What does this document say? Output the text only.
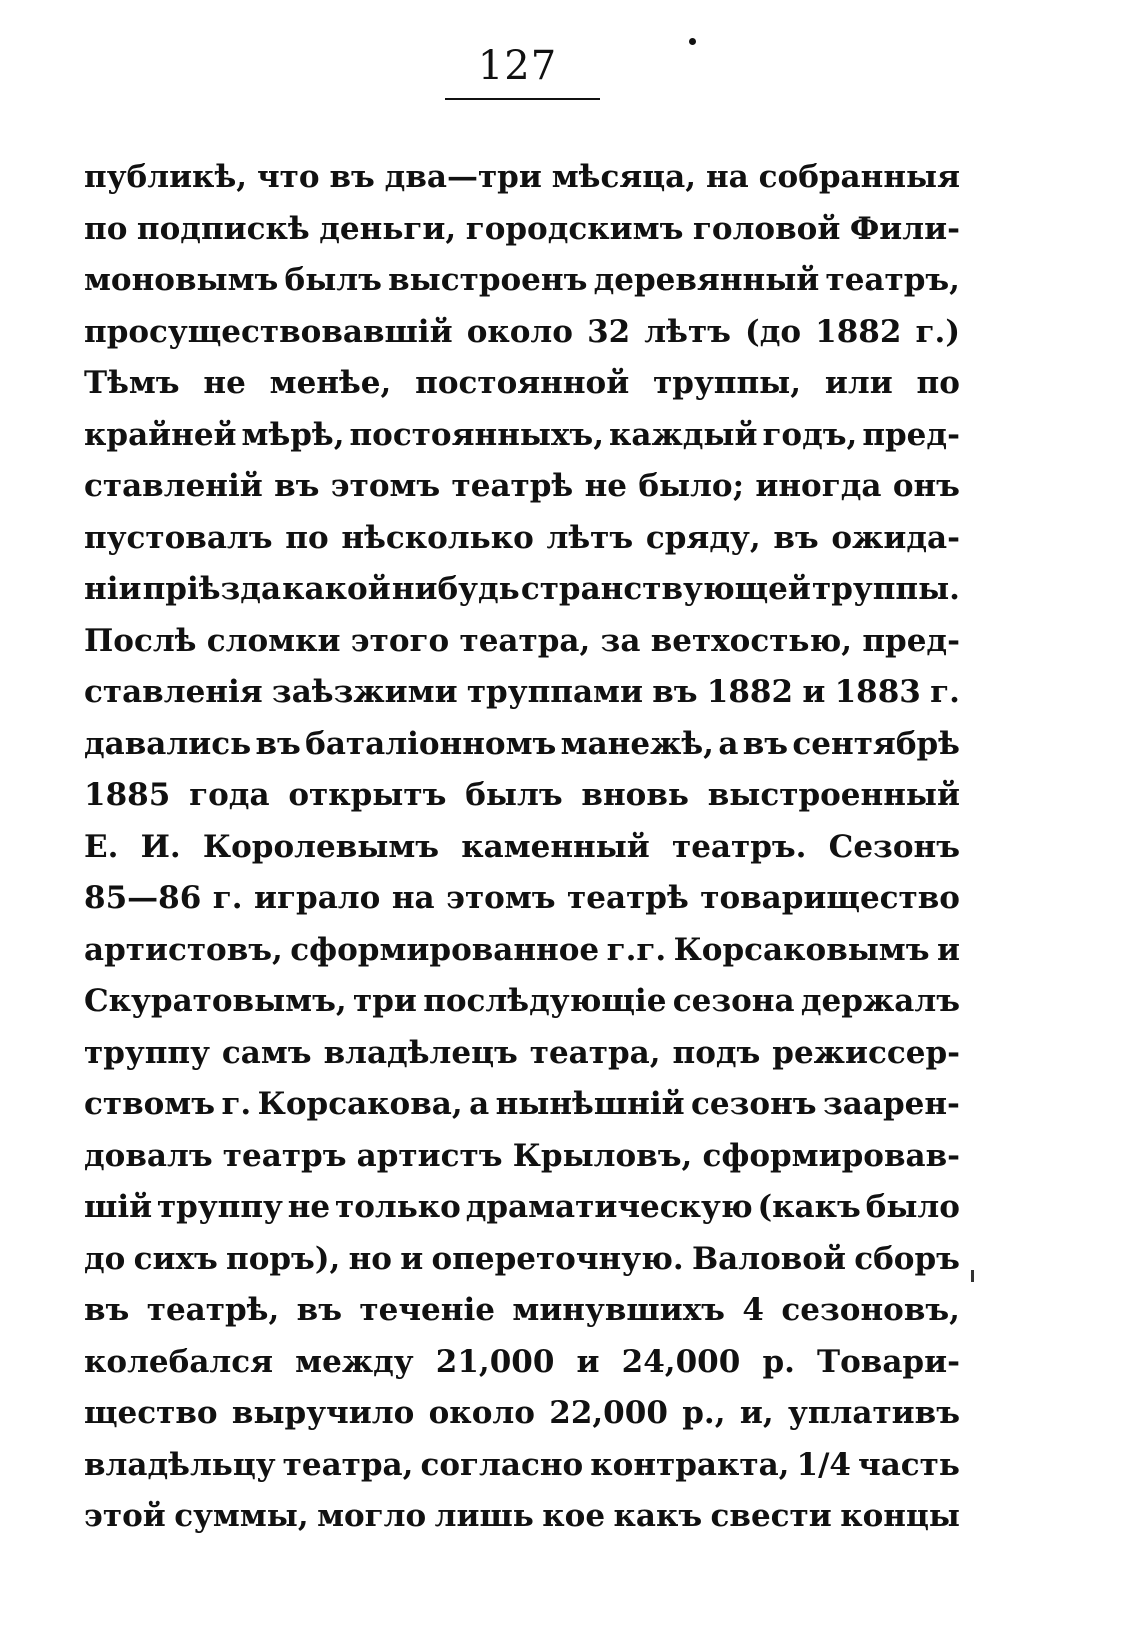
127
публикѣ, что въ два—три мѣсяца, на собранныя
по подпискѣ деньги, городскимъ головой Фили-
моновымъ былъ выстроенъ деревянный театръ,
просуществовавшій около 32 лѣтъ (до 1882 г.)
Тѣмъ не менѣе, постоянной труппы, или по
крайней мѣрѣ, постоянныхъ, каждый годъ, пред-
ставленій въ этомъ театрѣ не было; иногда онъ
пустовалъ по нѣсколько лѣтъ сряду, въ ожида-
ніи пріѣзда какой нибудь странствующей труппы.
Послѣ сломки этого театра, за ветхостью, пред-
ставленія заѣзжими труппами въ 1882 и 1883 г.
давались въ баталіонномъ манежѣ, а въ сентябрѣ
1885 года открытъ былъ вновь выстроенный
Е. И. Королевымъ каменный театръ. Сезонъ
85—86 г. играло на этомъ театрѣ товарищество
артистовъ, сформированное г.г. Корсаковымъ и
Скуратовымъ, три послѣдующіе сезона держалъ
труппу самъ владѣлецъ театра, подъ режиссер-
ствомъ г. Корсакова, а нынѣшній сезонъ заарен-
довалъ театръ артистъ Крыловъ, сформировав-
шій труппу не только драматическую (какъ было
до сихъ поръ), но и опереточную. Валовой сборъ
въ театрѣ, въ теченіе минувшихъ 4 сезоновъ,
колебался между 21,000 и 24,000 р. Товари-
щество выручило около 22,000 р., и, уплативъ
владѣльцу театра, согласно контракта, 1/4 часть
этой суммы, могло лишь кое какъ свести концы
